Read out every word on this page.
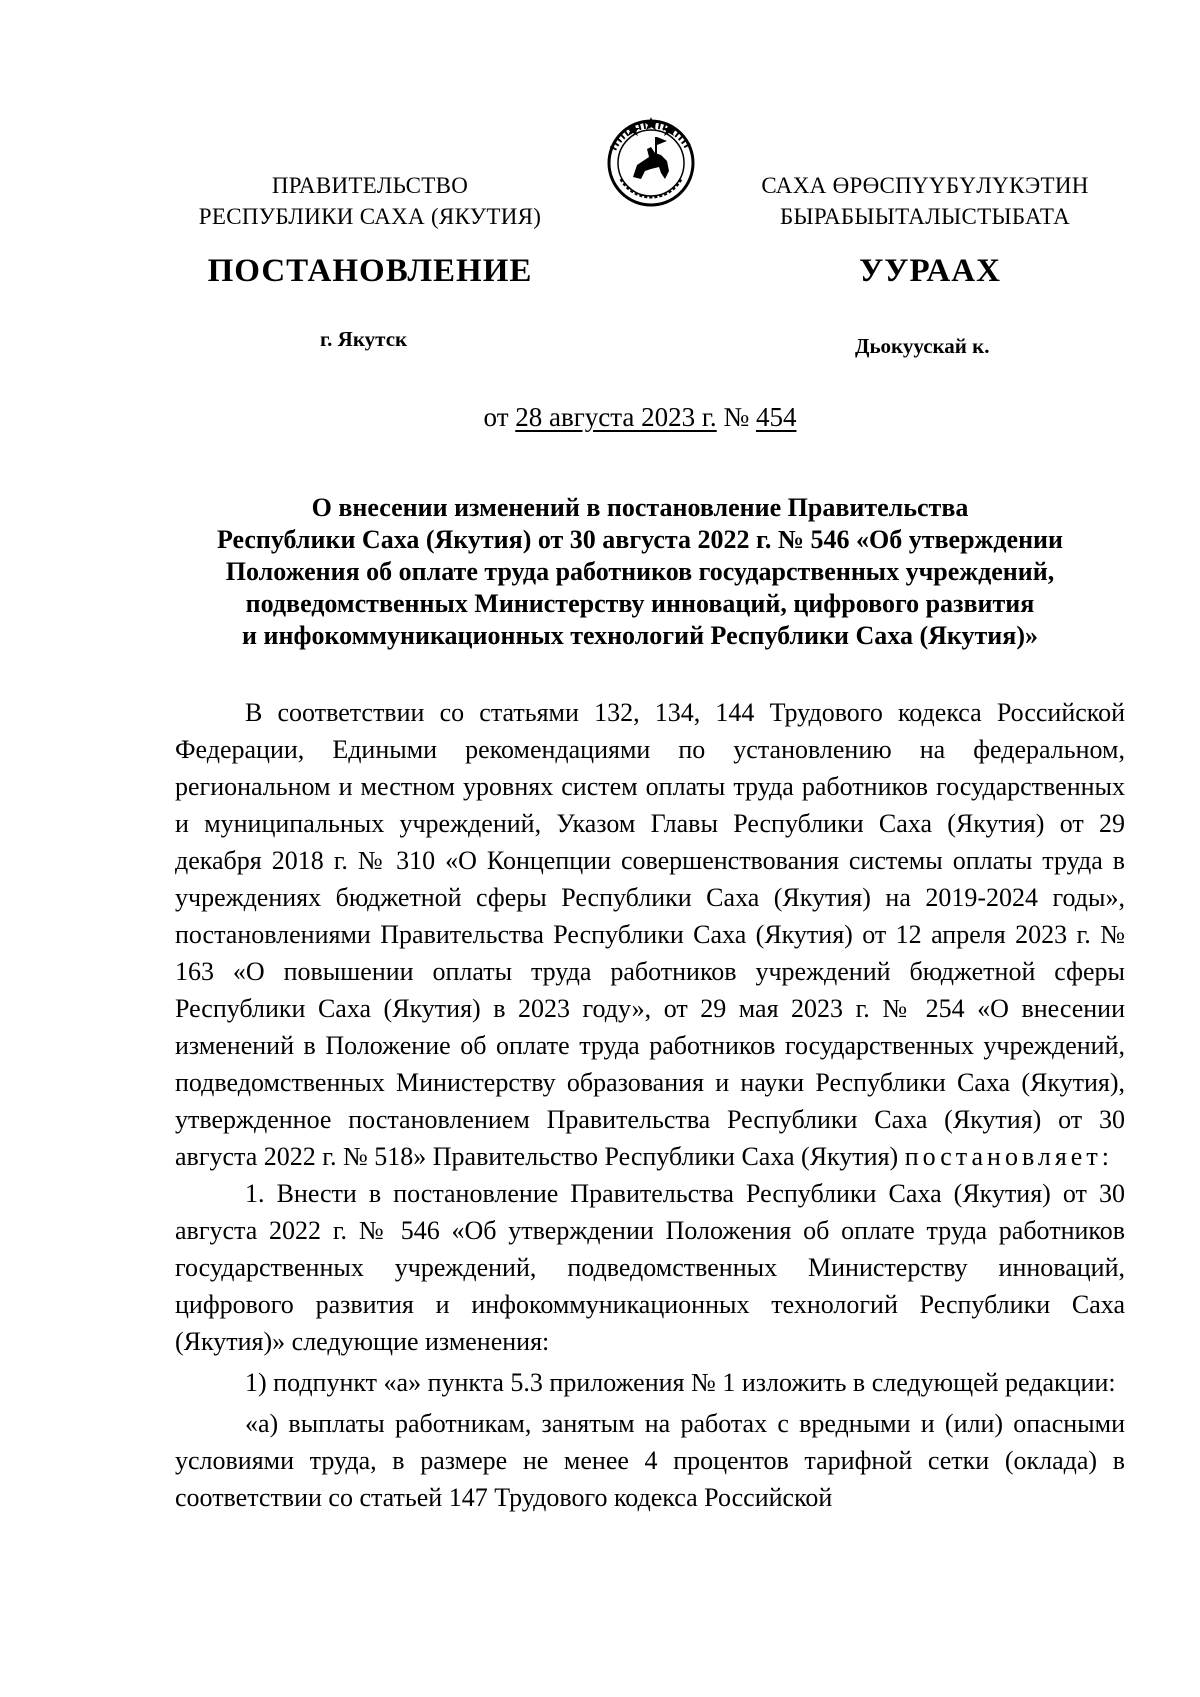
ПРАВИТЕЛЬСТВО
РЕСПУБЛИКИ САХА (ЯКУТИЯ)
САХА ӨРӨСПҮҮБҮЛҮКЭТИН
БЫРАБЫЫТАЛЫСТЫБАТА
ПОСТАНОВЛЕНИЕ	УУРААХ
г. Якутск	Дьокуускай к.
от 28 августа 2023 г. № 454
О внесении изменений в постановление Правительства
Республики Саха (Якутия) от 30 августа 2022 г. № 546 «Об утверждении
Положения об оплате труда работников государственных учреждений,
подведомственных Министерству инноваций, цифрового развития
и инфокоммуникационных технологий Республики Саха (Якутия)»

В соответствии со статьями 132, 134, 144 Трудового кодекса Российской Федерации, Едиными рекомендациями по установлению на федеральном, региональном и местном уровнях систем оплаты труда работников государственных и муниципальных учреждений, Указом Главы Республики Саха (Якутия) от 29 декабря 2018 г. № 310 «О Концепции совершенствования системы оплаты труда в учреждениях бюджетной сферы Республики Саха (Якутия) на 2019-2024 годы», постановлениями Правительства Республики Саха (Якутия) от 12 апреля 2023 г. № 163 «О повышении оплаты труда работников учреждений бюджетной сферы Республики Саха (Якутия) в 2023 году», от 29 мая 2023 г. № 254 «О внесении изменений в Положение об оплате труда работников государственных учреждений, подведомственных Министерству образования и науки Республики Саха (Якутия), утвержденное постановлением Правительства Республики Саха (Якутия) от 30 августа 2022 г. № 518» Правительство Республики Саха (Якутия) постановляет:

1. Внести в постановление Правительства Республики Саха (Якутия) от 30 августа 2022 г. № 546 «Об утверждении Положения об оплате труда работников государственных учреждений, подведомственных Министерству инноваций, цифрового развития и инфокоммуникационных технологий Республики Саха (Якутия)» следующие изменения:

1) подпункт «а» пункта 5.3 приложения № 1 изложить в следующей редакции:

«а) выплаты работникам, занятым на работах с вредными и (или) опасными условиями труда, в размере не менее 4 процентов тарифной сетки (оклада) в соответствии со статьей 147 Трудового кодекса Российской
